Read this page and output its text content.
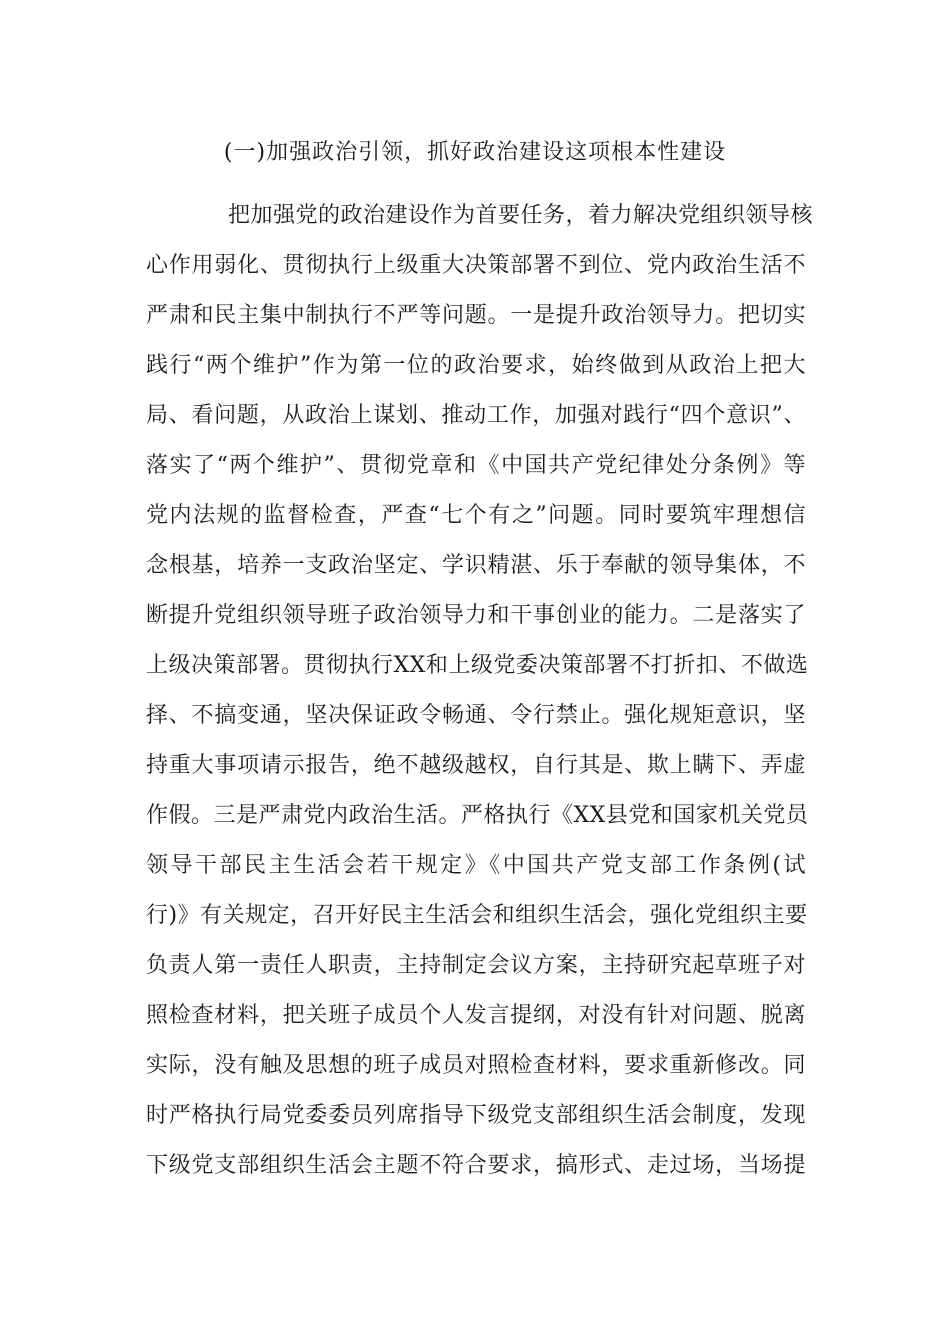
(一)加强政治引领，抓好政治建设这项根本性建设
把加强党的政治建设作为首要任务，着力解决党组织领导核
心作用弱化、贯彻执行上级重大决策部署不到位、党内政治生活不
严肃和民主集中制执行不严等问题。一是提升政治领导力。把切实
践行“两个维护”作为第一位的政治要求，始终做到从政治上把大
局、看问题，从政治上谋划、推动工作，加强对践行“四个意识”、
落实了“两个维护”、贯彻党章和《中国共产党纪律处分条例》等
党内法规的监督检查，严查“七个有之”问题。同时要筑牢理想信
念根基，培养一支政治坚定、学识精湛、乐于奉献的领导集体，不
断提升党组织领导班子政治领导力和干事创业的能力。二是落实了
上级决策部署。贯彻执行XX和上级党委决策部署不打折扣、不做选
择、不搞变通，坚决保证政令畅通、令行禁止。强化规矩意识，坚
持重大事项请示报告，绝不越级越权，自行其是、欺上瞒下、弄虚
作假。三是严肃党内政治生活。严格执行《XX县党和国家机关党员
领导干部民主生活会若干规定》《中国共产党支部工作条例(试
行)》有关规定，召开好民主生活会和组织生活会，强化党组织主要
负责人第一责任人职责，主持制定会议方案，主持研究起草班子对
照检查材料，把关班子成员个人发言提纲，对没有针对问题、脱离
实际，没有触及思想的班子成员对照检查材料，要求重新修改。同
时严格执行局党委委员列席指导下级党支部组织生活会制度，发现
下级党支部组织生活会主题不符合要求，搞形式、走过场，当场提
